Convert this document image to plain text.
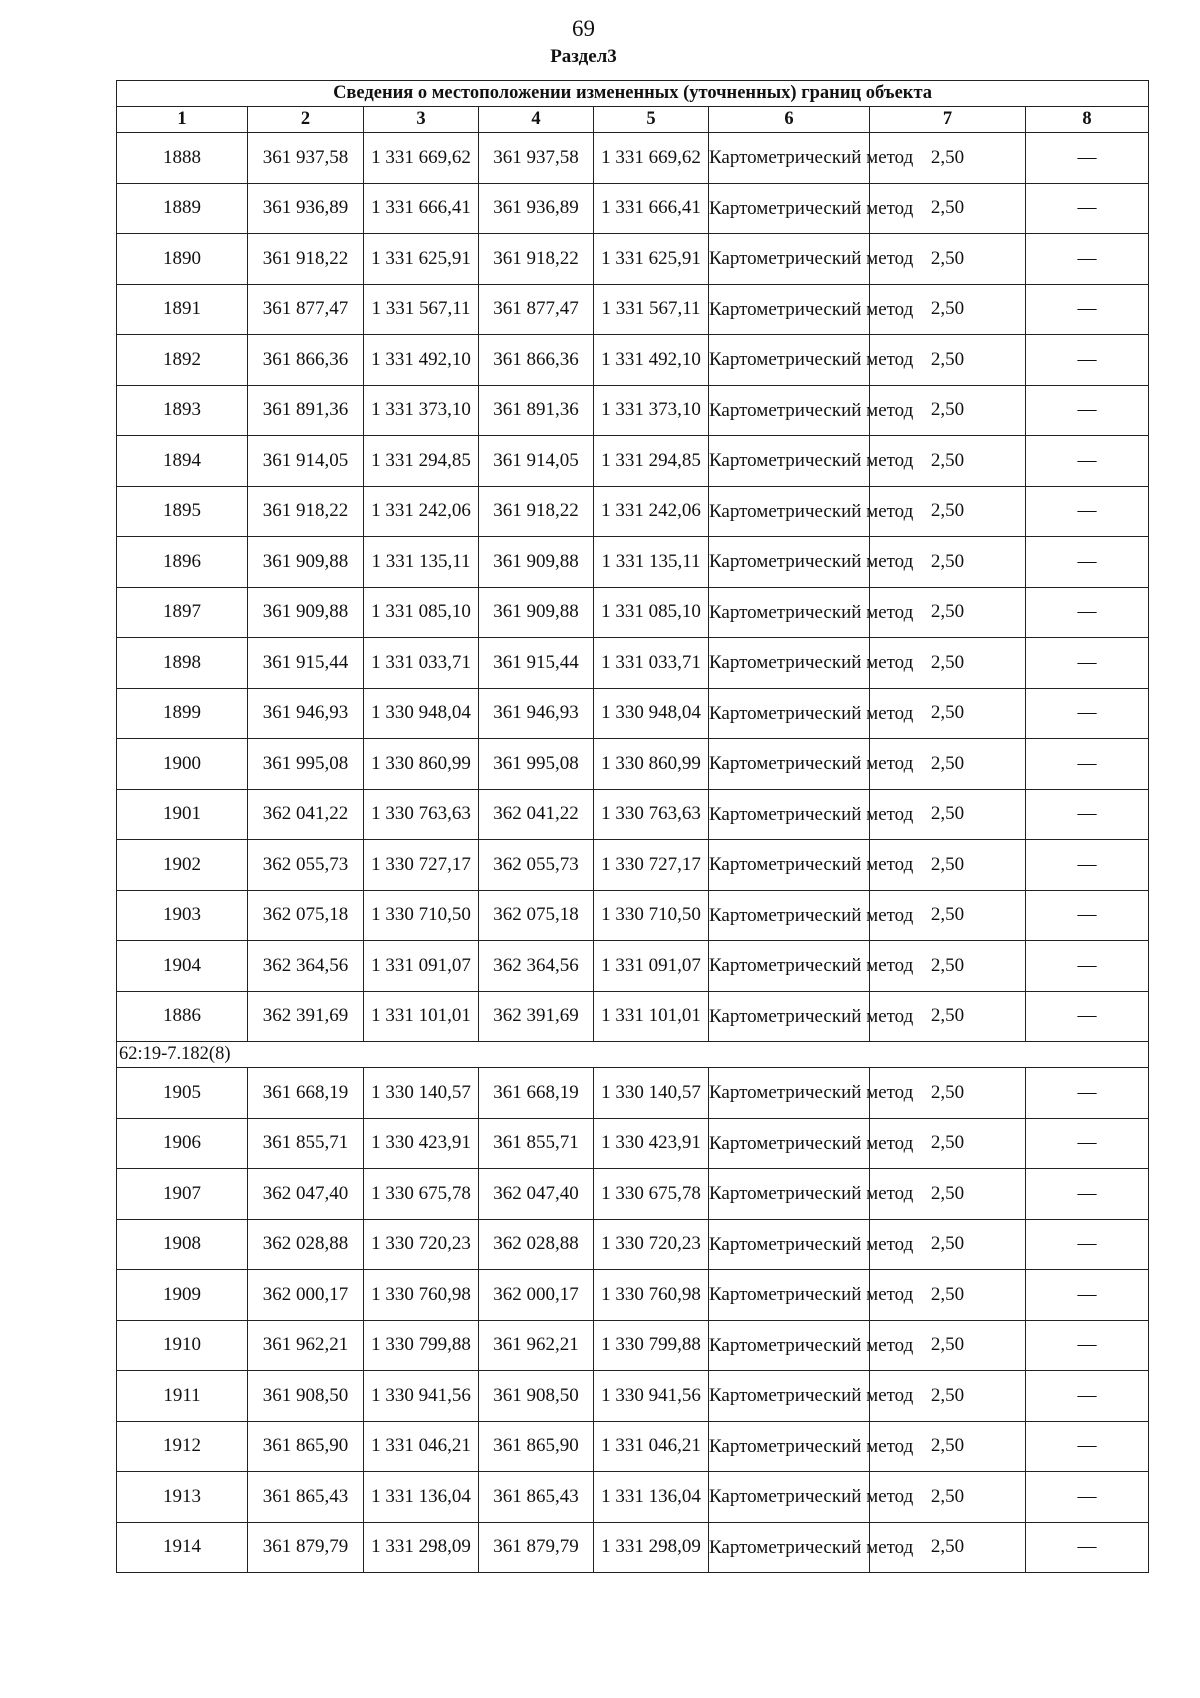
69
Раздел3
Сведения о местоположении измененных (уточненных) границ объекта							
1	2	3	4	5	6	7	8
1888	361 937,58	1 331 669,62	361 937,58	1 331 669,62	Картометрический метод	2,50	—
1889	361 936,89	1 331 666,41	361 936,89	1 331 666,41	Картометрический метод	2,50	—
1890	361 918,22	1 331 625,91	361 918,22	1 331 625,91	Картометрический метод	2,50	—
1891	361 877,47	1 331 567,11	361 877,47	1 331 567,11	Картометрический метод	2,50	—
1892	361 866,36	1 331 492,10	361 866,36	1 331 492,10	Картометрический метод	2,50	—
1893	361 891,36	1 331 373,10	361 891,36	1 331 373,10	Картометрический метод	2,50	—
1894	361 914,05	1 331 294,85	361 914,05	1 331 294,85	Картометрический метод	2,50	—
1895	361 918,22	1 331 242,06	361 918,22	1 331 242,06	Картометрический метод	2,50	—
1896	361 909,88	1 331 135,11	361 909,88	1 331 135,11	Картометрический метод	2,50	—
1897	361 909,88	1 331 085,10	361 909,88	1 331 085,10	Картометрический метод	2,50	—
1898	361 915,44	1 331 033,71	361 915,44	1 331 033,71	Картометрический метод	2,50	—
1899	361 946,93	1 330 948,04	361 946,93	1 330 948,04	Картометрический метод	2,50	—
1900	361 995,08	1 330 860,99	361 995,08	1 330 860,99	Картометрический метод	2,50	—
1901	362 041,22	1 330 763,63	362 041,22	1 330 763,63	Картометрический метод	2,50	—
1902	362 055,73	1 330 727,17	362 055,73	1 330 727,17	Картометрический метод	2,50	—
1903	362 075,18	1 330 710,50	362 075,18	1 330 710,50	Картометрический метод	2,50	—
1904	362 364,56	1 331 091,07	362 364,56	1 331 091,07	Картометрический метод	2,50	—
1886	362 391,69	1 331 101,01	362 391,69	1 331 101,01	Картометрический метод	2,50	—
62:19-7.182(8)							
1905	361 668,19	1 330 140,57	361 668,19	1 330 140,57	Картометрический метод	2,50	—
1906	361 855,71	1 330 423,91	361 855,71	1 330 423,91	Картометрический метод	2,50	—
1907	362 047,40	1 330 675,78	362 047,40	1 330 675,78	Картометрический метод	2,50	—
1908	362 028,88	1 330 720,23	362 028,88	1 330 720,23	Картометрический метод	2,50	—
1909	362 000,17	1 330 760,98	362 000,17	1 330 760,98	Картометрический метод	2,50	—
1910	361 962,21	1 330 799,88	361 962,21	1 330 799,88	Картометрический метод	2,50	—
1911	361 908,50	1 330 941,56	361 908,50	1 330 941,56	Картометрический метод	2,50	—
1912	361 865,90	1 331 046,21	361 865,90	1 331 046,21	Картометрический метод	2,50	—
1913	361 865,43	1 331 136,04	361 865,43	1 331 136,04	Картометрический метод	2,50	—
1914	361 879,79	1 331 298,09	361 879,79	1 331 298,09	Картометрический метод	2,50	—
